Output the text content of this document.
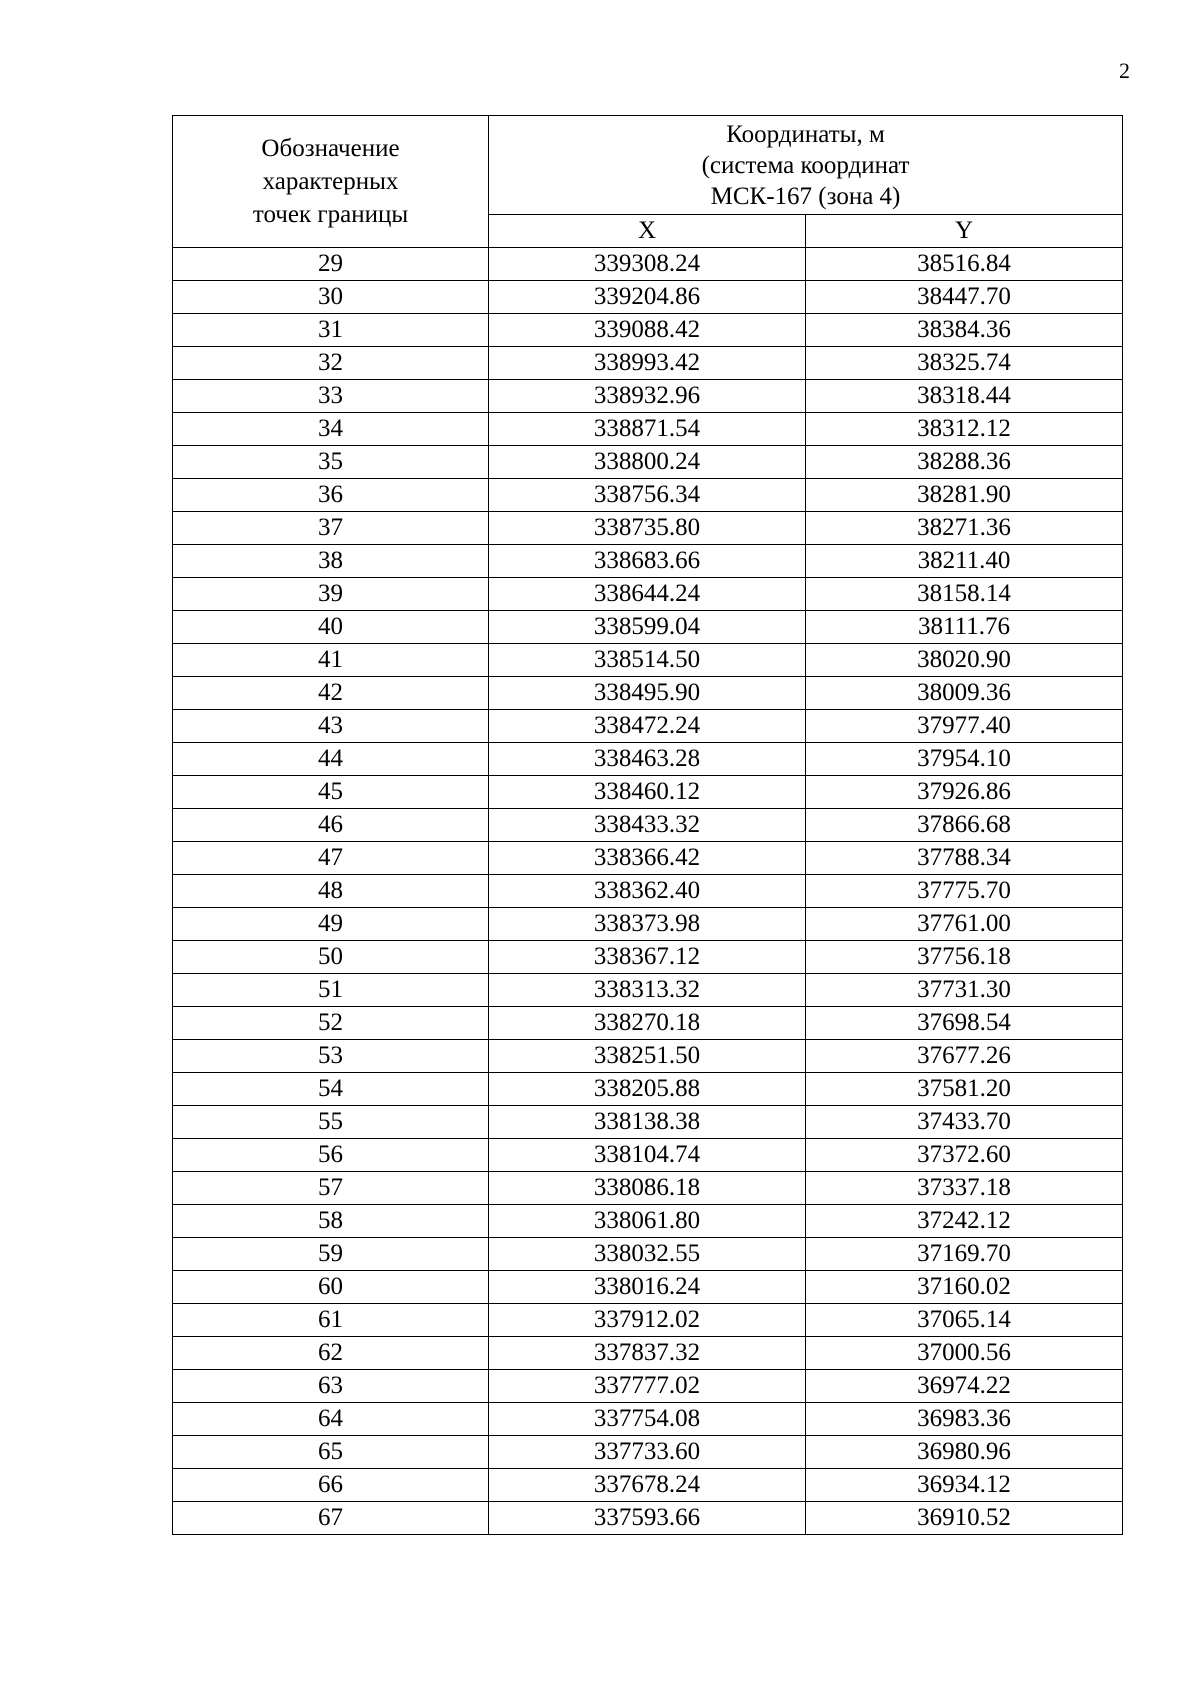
2
Обозначение
характерных
точек границы	Координаты, м
(система координат
МСК-167 (зона 4)	

	X	Y
29	339308.24	38516.84
30	339204.86	38447.70
31	339088.42	38384.36
32	338993.42	38325.74
33	338932.96	38318.44
34	338871.54	38312.12
35	338800.24	38288.36
36	338756.34	38281.90
37	338735.80	38271.36
38	338683.66	38211.40
39	338644.24	38158.14
40	338599.04	38111.76
41	338514.50	38020.90
42	338495.90	38009.36
43	338472.24	37977.40
44	338463.28	37954.10
45	338460.12	37926.86
46	338433.32	37866.68
47	338366.42	37788.34
48	338362.40	37775.70
49	338373.98	37761.00
50	338367.12	37756.18
51	338313.32	37731.30
52	338270.18	37698.54
53	338251.50	37677.26
54	338205.88	37581.20
55	338138.38	37433.70
56	338104.74	37372.60
57	338086.18	37337.18
58	338061.80	37242.12
59	338032.55	37169.70
60	338016.24	37160.02
61	337912.02	37065.14
62	337837.32	37000.56
63	337777.02	36974.22
64	337754.08	36983.36
65	337733.60	36980.96
66	337678.24	36934.12
67	337593.66	36910.52
